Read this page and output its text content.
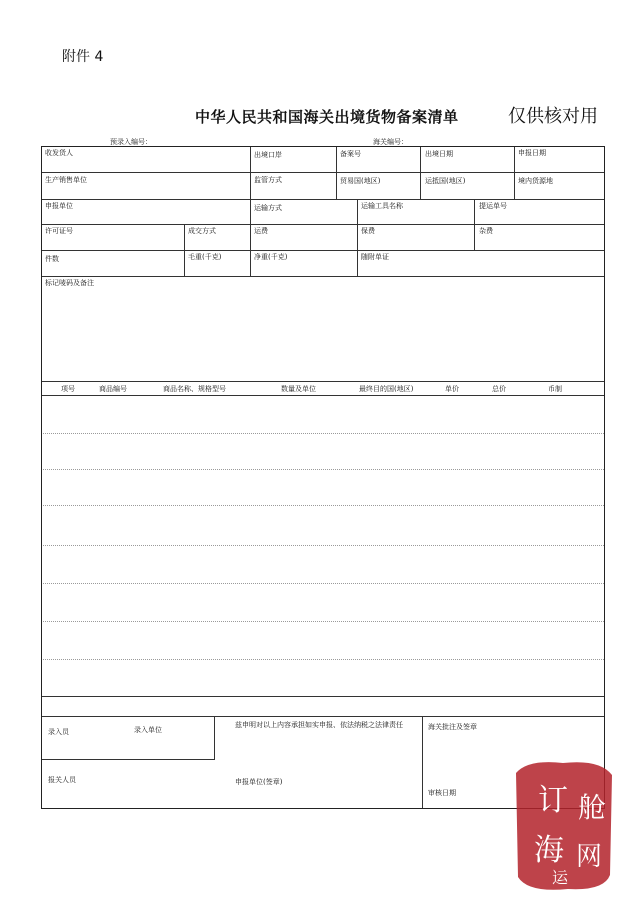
附件 4
中华人民共和国海关出境货物备案清单	仅供核对用
预录入编号：	海关编号：
收发货人	出境口岸	备案号	出境日期	申报日期
生产销售单位	监管方式	贸易国(地区)	运抵国(地区)	境内货源地
申报单位	运输方式	运输工具名称	提运单号
许可证号	成交方式	运费	保费	杂费
件数	毛重(千克)	净重(千克)	随附单证
标记唛码及备注
项号	商品编号	商品名称、规格型号	数量及单位	最终目的国(地区)	单价	总价	币制
录入员	录入单位
兹申明对以上内容承担如实申报、依法纳税之法律责任	海关批注及签章
报关人员	申报单位(签章)
审核日期	订 舱
海 网
运
